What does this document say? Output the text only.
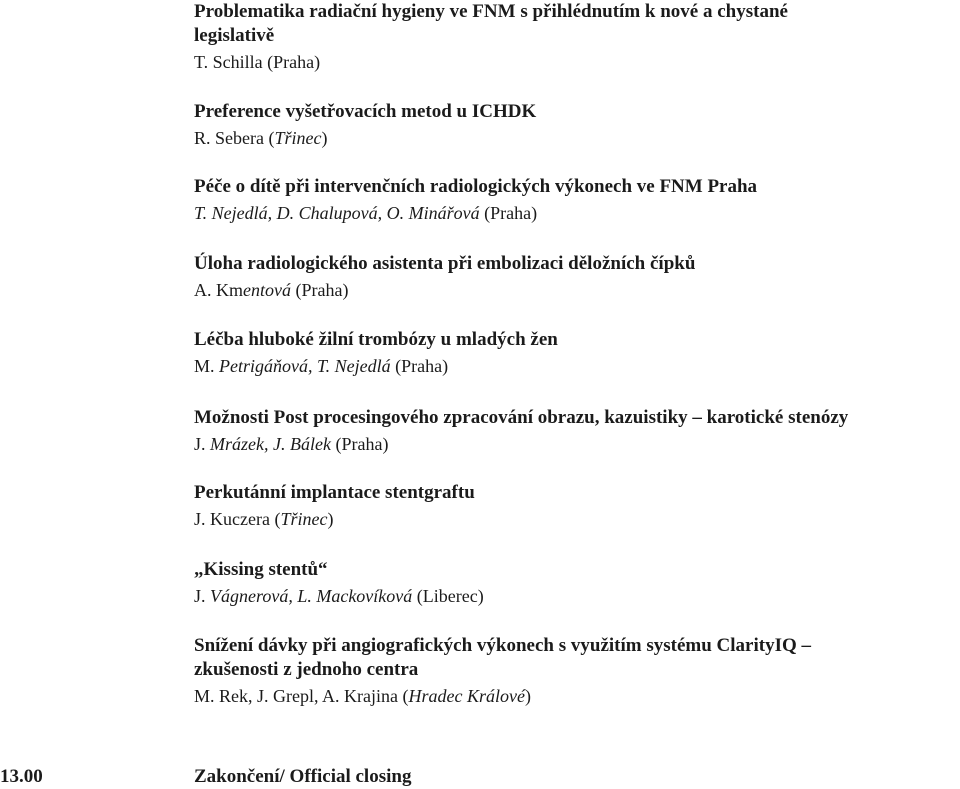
Problematika radiační hygieny ve FNM s přihlédnutím k nové a chystané
legislativě
T. Schilla (Praha)
Preference vyšetřovacích metod u ICHDK
R. Sebera (Třinec)
Péče o dítě při intervenčních radiologických výkonech ve FNM Praha
T. Nejedlá, D. Chalupová, O. Minářová (Praha)
Úloha radiologického asistenta při embolizaci děložních čípků
A. Kmentová (Praha)
Léčba hluboké žilní trombózy u mladých žen
M. Petrigáňová, T. Nejedlá (Praha)
Možnosti Post procesingového zpracování obrazu, kazuistiky – karotické stenózy
J. Mrázek, J. Bálek (Praha)
Perkutánní implantace stentgraftu
J. Kuczera (Třinec)
„Kissing stentů“
J. Vágnerová, L. Mackovíková (Liberec)
Snížení dávky při angiografických výkonech s využitím systému ClarityIQ –
zkušenosti z jednoho centra
M. Rek, J. Grepl, A. Krajina (Hradec Králové)
13.00	Zakončení/ Official closing
